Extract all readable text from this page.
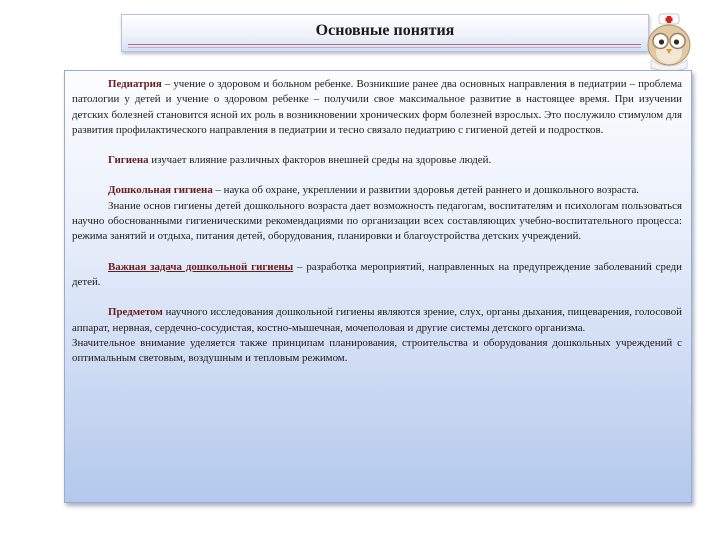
Основные понятия

Педиатрия – учение о здоровом и больном ребенке. Возникшие ранее два основных направления в педиатрии – проблема патологии у детей и учение о здоровом ребенке – получили свое максимальное развитие в настоящее время. При изучении детских болезней становится ясной их роль в возникновении хронических форм болезней взрослых. Это послужило стимулом для развития профилактического направления в педиатрии и тесно связало педиатрию с гигиеной детей и подростков.

Гигиена изучает влияние различных факторов внешней среды на здоровье людей.

Дошкольная гигиена – наука об охране, укреплении и развитии здоровья детей раннего и дошкольного возраста.

Знание основ гигиены детей дошкольного возраста дает возможность педагогам, воспитателям и психологам пользоваться научно обоснованными гигиеническими рекомендациями по организации всех составляющих учебно-воспитательного процесса: режима занятий и отдыха, питания детей, оборудования, планировки и благоустройства детских учреждений.

Важная задача дошкольной гигиены – разработка мероприятий, направленных на предупреждение заболеваний среди детей.

Предметом научного исследования дошкольной гигиены являются зрение, слух, органы дыхания, пищеварения, голосовой аппарат, нервная, сердечно-сосудистая, костно-мышечная, мочеполовая и другие системы детского организма.

Значительное внимание уделяется также принципам планирования, строительства и оборудования дошкольных учреждений с оптимальным световым, воздушным и тепловым режимом.
